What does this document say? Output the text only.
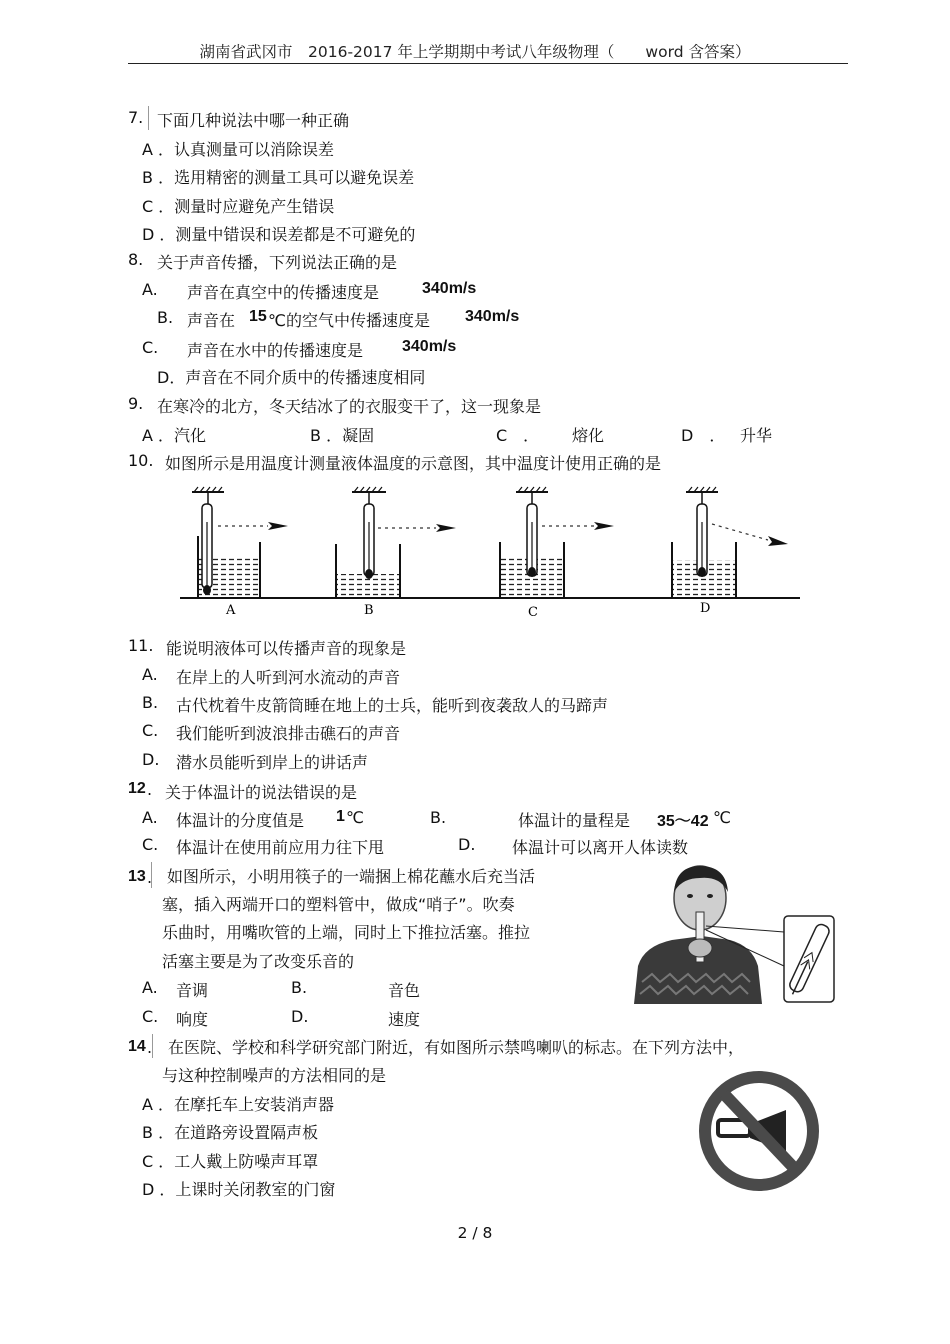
湖南省武冈市　2016-2017 年上学期期中考试八年级物理（　　word 含答案）
7. 下面几种说法中哪一种正确
A ．认真测量可以消除误差
B ．选用精密的测量工具可以避免误差
C ．测量时应避免产生错误
D ．测量中错误和误差都是不可避免的
8. 关于声音传播，下列说法正确的是
A. 声音在真空中的传播速度是	340m/s
B. 声音在 15 ℃的空气中传播速度是 340m/s
C. 声音在水中的传播速度是 340m/s
D．声音在不同介质中的传播速度相同
9. 在寒冷的北方，冬天结冰了的衣服变干了，这一现象是
A ．汽化	B ．凝固	C　． 熔化	D　． 升华
10. 如图所示是用温度计测量液体温度的示意图，其中温度计使用正确的是
A	B	C	D
11. 能说明液体可以传播声音的现象是
A. 在岸上的人听到河水流动的声音
B. 古代枕着牛皮箭筒睡在地上的士兵，能听到夜袭敌人的马蹄声
C. 我们能听到波浪排击礁石的声音
D. 潜水员能听到岸上的讲话声
12 . 关于体温计的说法错误的是
A. 体温计的分度值是 1 ℃	B.	体温计的量程是 35～42 ℃
C. 体温计在使用前应用力往下甩	D. 体温计可以离开人体读数
13 . 如图所示，小明用筷子的一端捆上棉花蘸水后充当活
塞，插入两端开口的塑料管中，做成“哨子”。吹奏
乐曲时，用嘴吹管的上端，同时上下推拉活塞。推拉
活塞主要是为了改变乐音的
A. 音调	B.	音色
C. 响度	D.	速度
14 . 在医院、学校和科学研究部门附近，有如图所示禁鸣喇叭的标志。在下列方法中，
与这种控制噪声的方法相同的是
A ．在摩托车上安装消声器
B ．在道路旁设置隔声板
C ．工人戴上防噪声耳罩
D ．上课时关闭教室的门窗
2 / 8
